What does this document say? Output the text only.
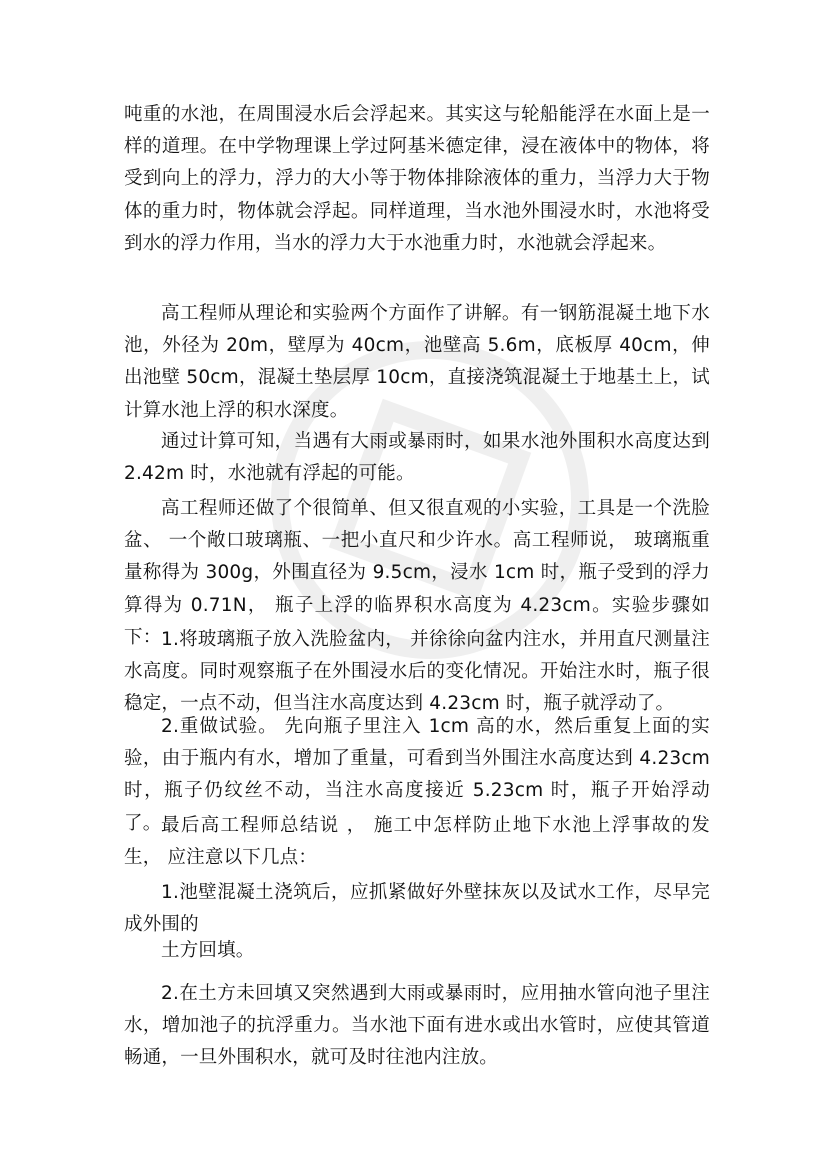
吨重的水池，在周围浸水后会浮起来。其实这与轮船能浮在水面上是一样的道理。在中学物理课上学过阿基米德定律，浸在液体中的物体，将受到向上的浮力，浮力的大小等于物体排除液体的重力，当浮力大于物体的重力时，物体就会浮起。同样道理，当水池外围浸水时，水池将受到水的浮力作用，当水的浮力大于水池重力时，水池就会浮起来。

高工程师从理论和实验两个方面作了讲解。有一钢筋混凝土地下水池，外径为 20m，壁厚为 40cm，池壁高 5.6m，底板厚 40cm，伸出池壁 50cm，混凝土垫层厚 10cm，直接浇筑混凝土于地基土上，试计算水池上浮的积水深度。

通过计算可知，当遇有大雨或暴雨时，如果水池外围积水高度达到 2.42m 时，水池就有浮起的可能。

高工程师还做了个很简单、但又很直观的小实验，工具是一个洗脸盆、 一个敞口玻璃瓶、一把小直尺和少许水。高工程师说， 玻璃瓶重量称得为 300g，外围直径为 9.5cm，浸水 1cm 时，瓶子受到的浮力算得为 0.71N， 瓶子上浮的临界积水高度为 4.23cm。实验步骤如下： 1.将玻璃瓶子放入洗脸盆内， 并徐徐向盆内注水，并用直尺测量注水高度。同时观察瓶子在外围浸水后的变化情况。开始注水时，瓶子很稳定，一点不动，但当注水高度达到 4.23cm 时，瓶子就浮动了。

2.重做试验。 先向瓶子里注入 1cm 高的水，然后重复上面的实验，由于瓶内有水，增加了重量，可看到当外围注水高度达到 4.23cm 时，瓶子仍纹丝不动，当注水高度接近 5.23cm 时，瓶子开始浮动了。 最后高工程师总结说 ， 施工中怎样防止地下水池上浮事故的发生， 应注意以下几点：

1.池壁混凝土浇筑后，应抓紧做好外壁抹灰以及试水工作，尽早完成外围的

土方回填。

2.在土方未回填又突然遇到大雨或暴雨时，应用抽水管向池子里注水，增加池子的抗浮重力。当水池下面有进水或出水管时，应使其管道畅通，一旦外围积水，就可及时往池内注放。
